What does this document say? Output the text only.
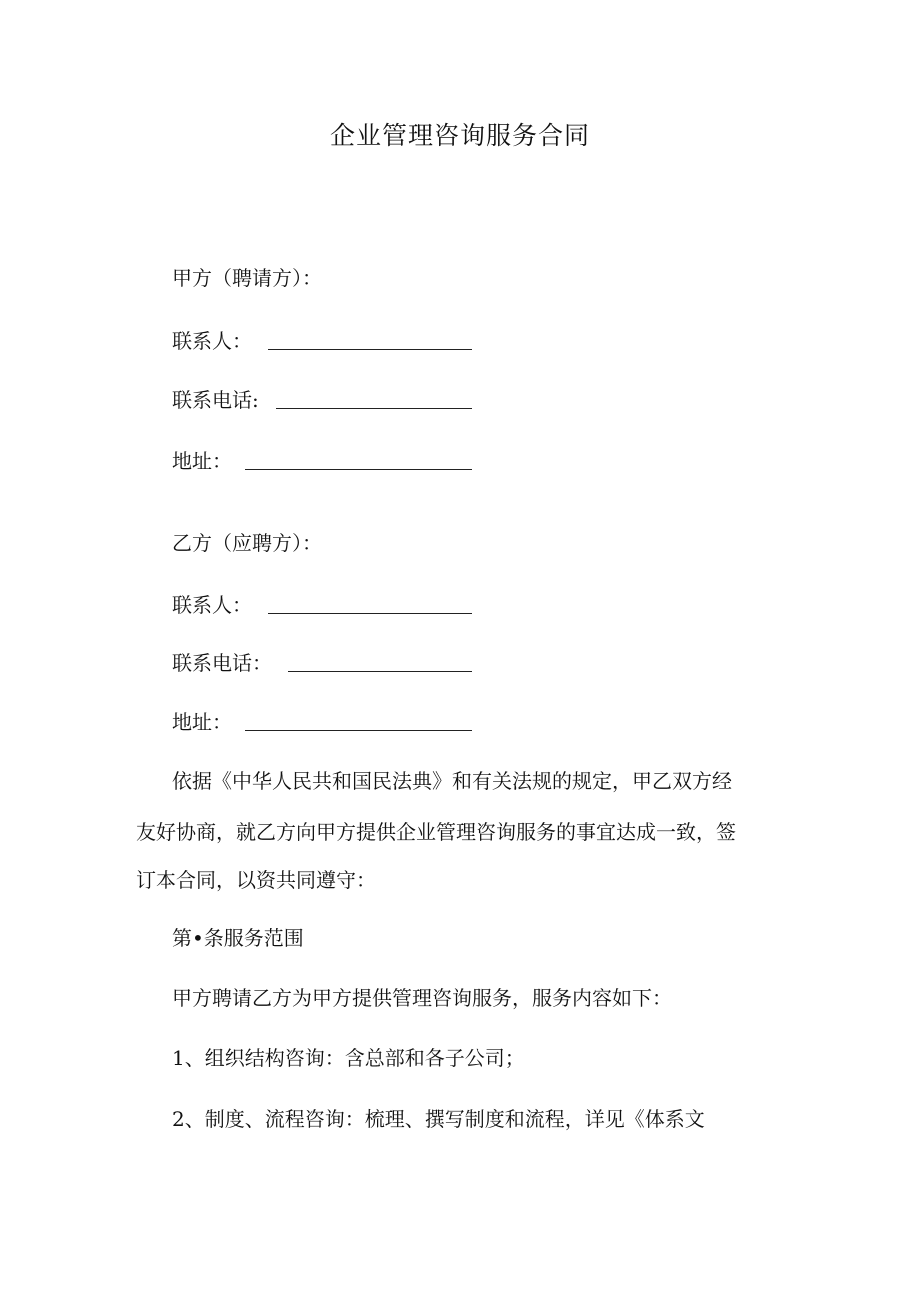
企业管理咨询服务合同
甲方（聘请方）：
联系人：
联系电话:
地址：
乙方（应聘方）：
联系人：
联系电话：
地址：
依据《中华人民共和国民法典》和有关法规的规定，甲乙双方经
友好协商，就乙方向甲方提供企业管理咨询服务的事宜达成一致，签
订本合同，以资共同遵守：
第•条服务范围
甲方聘请乙方为甲方提供管理咨询服务，服务内容如下：
1、组织结构咨询：含总部和各子公司；
2、制度、流程咨询：梳理、撰写制度和流程，详见《体系文
